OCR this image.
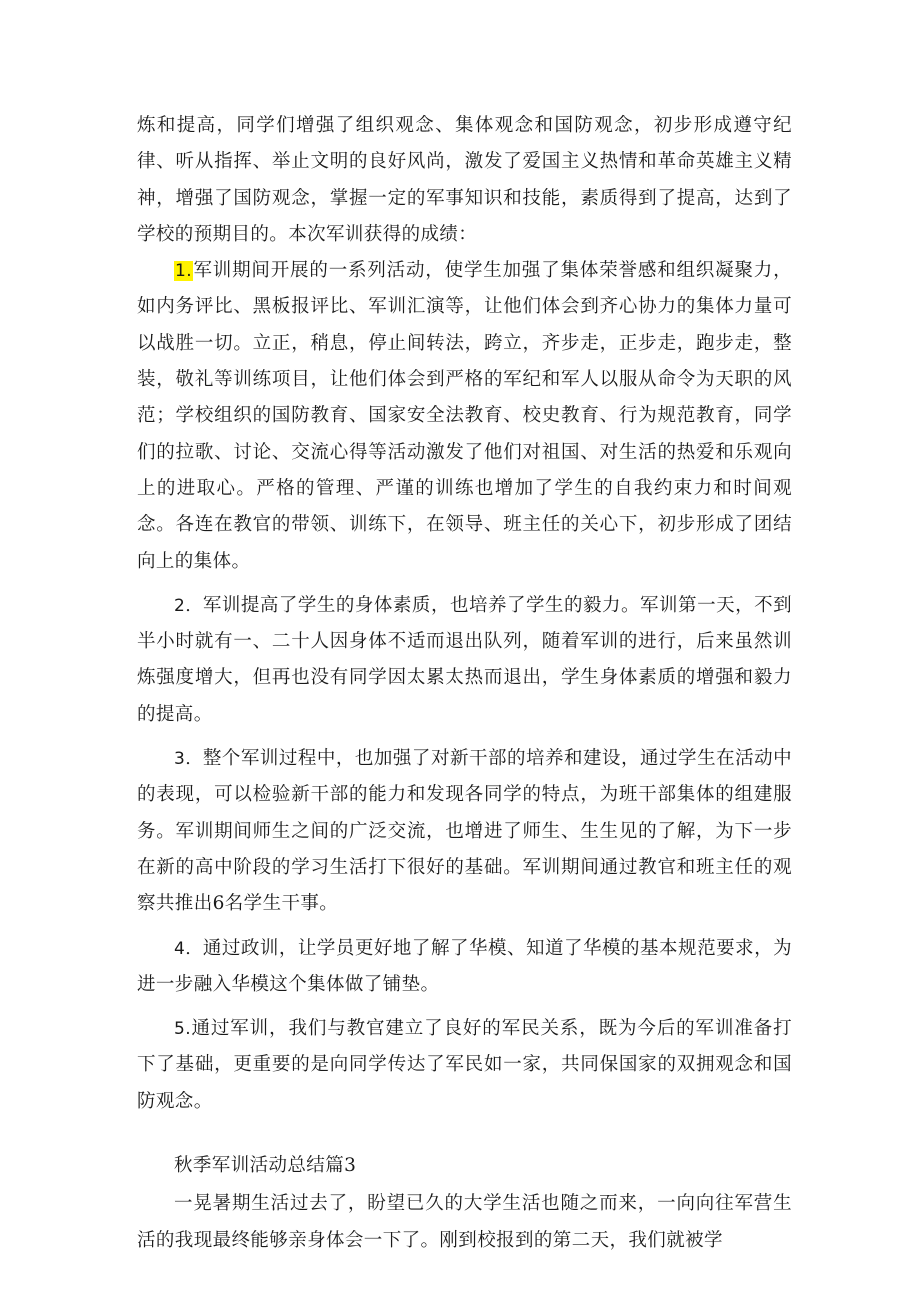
炼和提高，同学们增强了组织观念、集体观念和国防观念，初步形成遵守纪律、听从指挥、举止文明的良好风尚，激发了爱国主义热情和革命英雄主义精神，增强了国防观念，掌握一定的军事知识和技能，素质得到了提高，达到了学校的预期目的。本次军训获得的成绩：

1.军训期间开展的一系列活动，使学生加强了集体荣誉感和组织凝聚力，如内务评比、黑板报评比、军训汇演等，让他们体会到齐心协力的集体力量可以战胜一切。立正，稍息，停止间转法，跨立，齐步走，正步走，跑步走，整装，敬礼等训练项目，让他们体会到严格的军纪和军人以服从命令为天职的风范；学校组织的国防教育、国家安全法教育、校史教育、行为规范教育，同学们的拉歌、讨论、交流心得等活动激发了他们对祖国、对生活的热爱和乐观向上的进取心。严格的管理、严谨的训练也增加了学生的自我约束力和时间观念。各连在教官的带领、训练下，在领导、班主任的关心下，初步形成了团结向上的集体。

2．军训提高了学生的身体素质，也培养了学生的毅力。军训第一天，不到半小时就有一、二十人因身体不适而退出队列，随着军训的进行，后来虽然训炼强度增大，但再也没有同学因太累太热而退出，学生身体素质的增强和毅力的提高。

3．整个军训过程中，也加强了对新干部的培养和建设，通过学生在活动中的表现，可以检验新干部的能力和发现各同学的特点，为班干部集体的组建服务。军训期间师生之间的广泛交流，也增进了师生、生生见的了解，为下一步在新的高中阶段的学习生活打下很好的基础。军训期间通过教官和班主任的观察共推出6名学生干事。

4．通过政训，让学员更好地了解了华模、知道了华模的基本规范要求，为进一步融入华模这个集体做了铺垫。

5.通过军训，我们与教官建立了良好的军民关系，既为今后的军训准备打下了基础，更重要的是向同学传达了军民如一家，共同保国家的双拥观念和国防观念。

秋季军训活动总结篇3

一晃暑期生活过去了，盼望已久的大学生活也随之而来，一向向往军营生活的我现最终能够亲身体会一下了。刚到校报到的第二天，我们就被学
